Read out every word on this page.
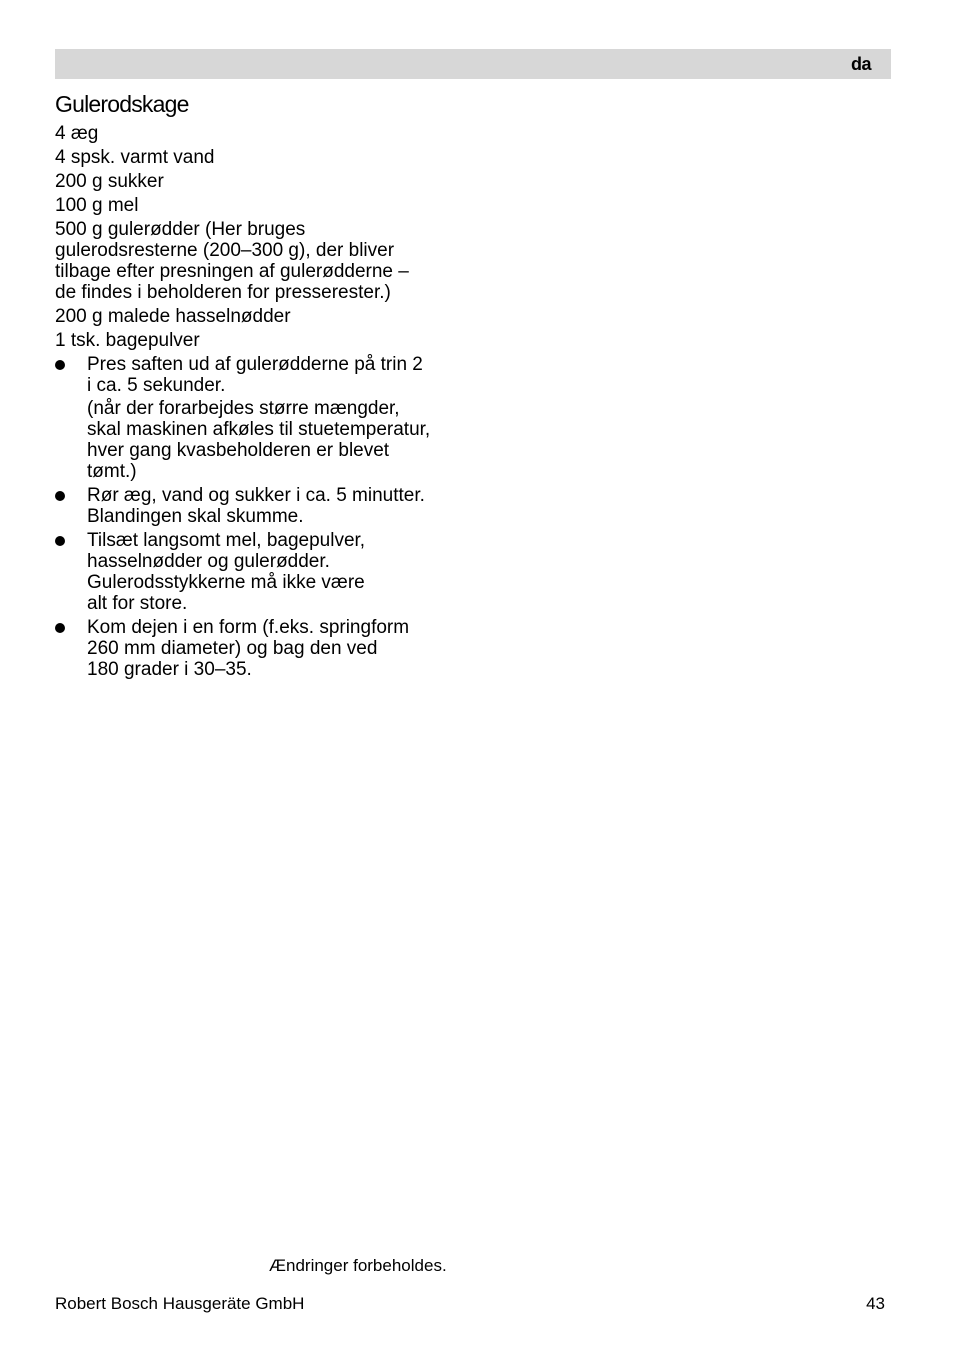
da
Gulerodskage
4 æg
4 spsk. varmt vand
200 g sukker
100 g mel
500 g gulerødder (Her bruges
gulerodsresterne (200–300 g), der bliver
tilbage efter presningen af gulerødderne –
de findes i beholderen for presserester.)
200 g malede hasselnødder
1 tsk. bagepulver
Pres saften ud af gulerødderne på trin 2
i ca. 5 sekunder.
(når der forarbejdes større mængder,
skal maskinen afkøles til stuetemperatur,
hver gang kvasbeholderen er blevet
tømt.)
Rør æg, vand og sukker i ca. 5 minutter.
Blandingen skal skumme.
Tilsæt langsomt mel, bagepulver,
hasselnødder og gulerødder.
Gulerodsstykkerne må ikke være
alt for store.
Kom dejen i en form (f.eks. springform
260 mm diameter) og bag den ved
180 grader i 30–35.
Ændringer forbeholdes.
Robert Bosch Hausgeräte GmbH	43
